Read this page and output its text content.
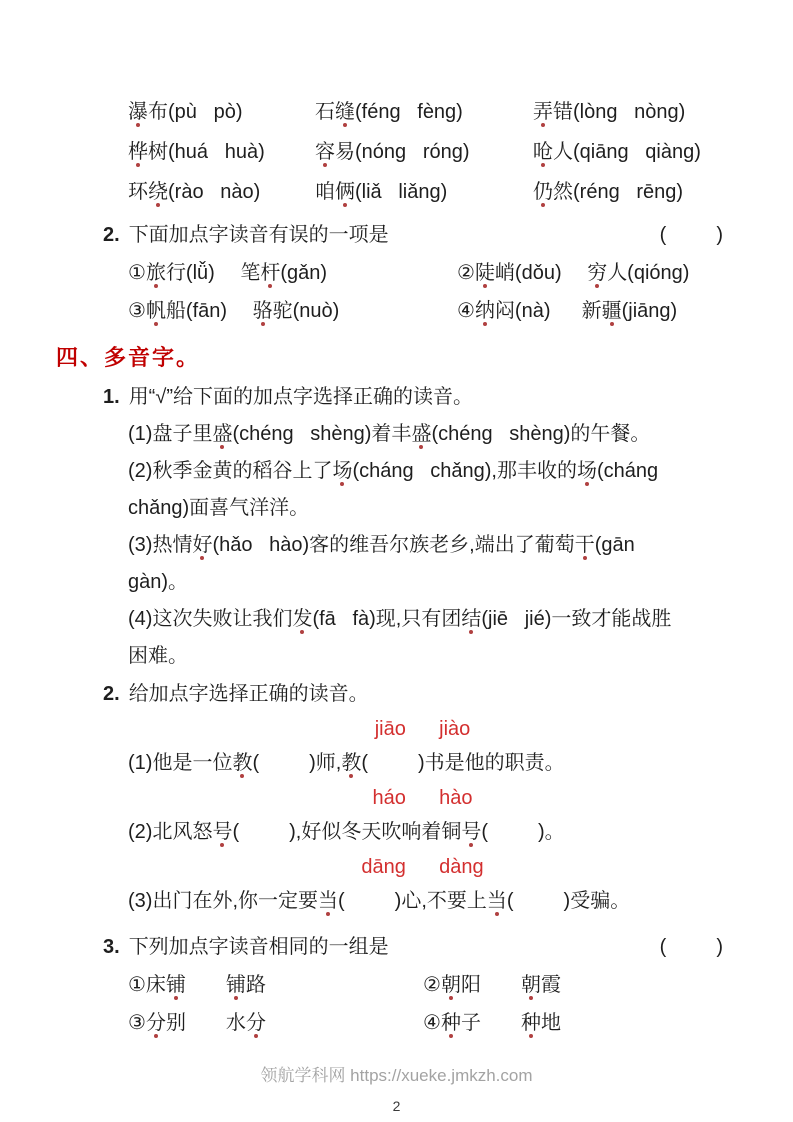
瀑布(pù   pò)	石缝(féng   fèng)	弄错(lòng   nòng)
桦树(huá   huà)	容易(nóng   róng)	呛人(qiāng   qiàng)
环绕(rào   nào)	咱俩(liǎ   liǎng)	仍然(réng   rēng)
2. 下面加点字读音有误的一项是	(         )
①旅行(lǚ)　 笔杆(gǎn)	②陡峭(dǒu)　 穷人(qióng)
③帆船(fān)　 骆驼(nuò)	④纳闷(nà)　  新疆(jiāng)
四、多音字。
1. 用“√”给下面的加点字选择正确的读音。
(1)盘子里盛(chéng   shèng)着丰盛(chéng   shèng)的午餐。
(2)秋季金黄的稻谷上了场(cháng   chǎng),那丰收的场(cháng
chǎng)面喜气洋洋。
(3)热情好(hǎo   hào)客的维吾尔族老乡,端出了葡萄干(gān
gàn)。
(4)这次失败让我们发(fā   fà)现,只有团结(jiē   jié)一致才能战胜
困难。
2. 给加点字选择正确的读音。
jiāo      jiào
(1)他是一位教(         )师,教(         )书是他的职责。
háo      hào
(2)北风怒号(         ),好似冬天吹响着铜号(         )。
dāng      dàng
(3)出门在外,你一定要当(         )心,不要上当(         )受骗。
3. 下列加点字读音相同的一组是	(         )
①床铺　　 铺路	②朝阳　　朝霞
③分别　　水分	④种子　　种地
领航学科网 https://xueke.jmkzh.com
2
